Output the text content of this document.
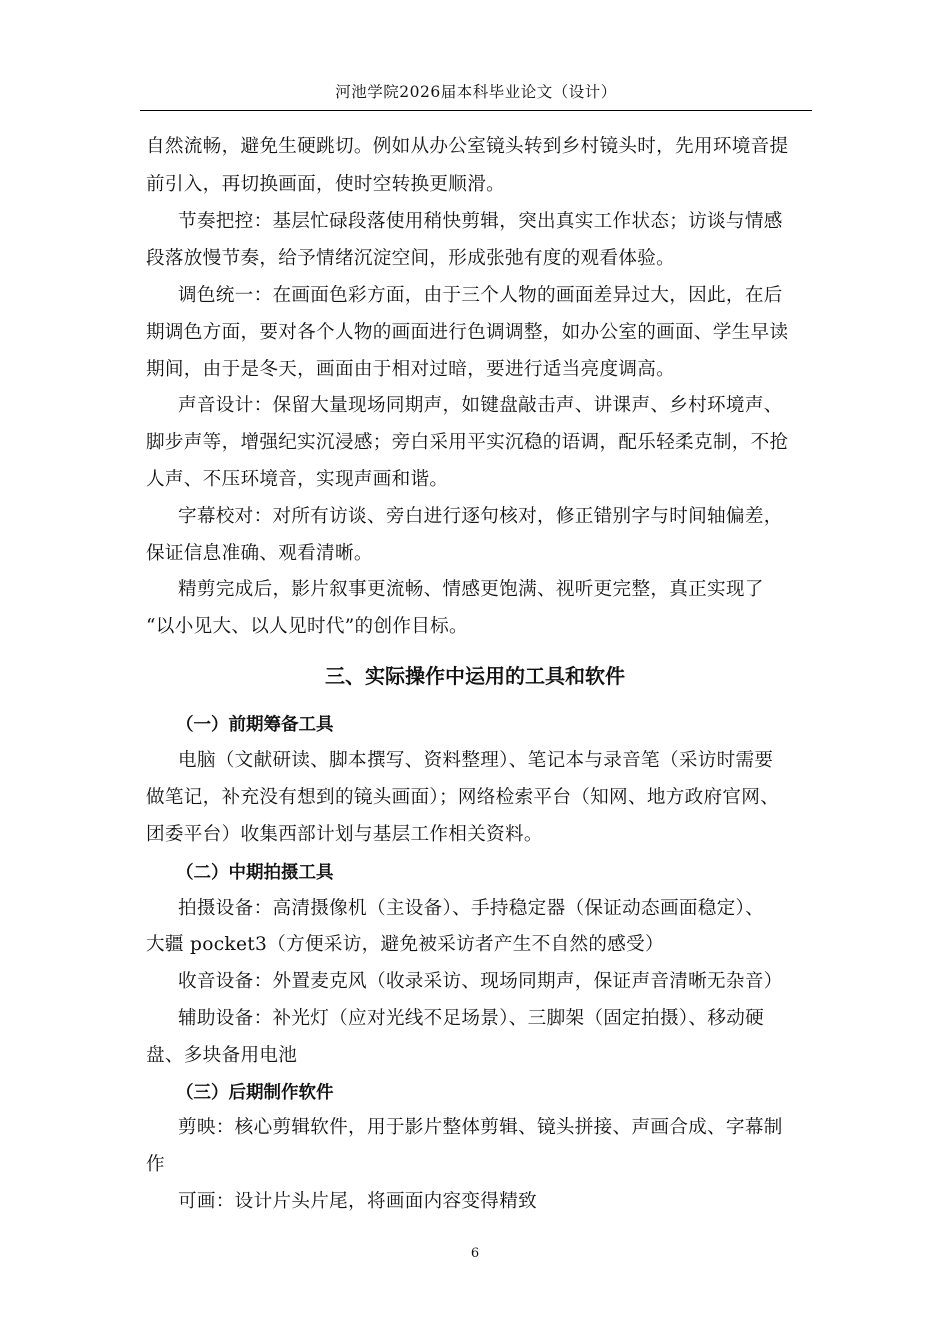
河池学院2026届本科毕业论文（设计）
自然流畅，避免生硬跳切。例如从办公室镜头转到乡村镜头时，先用环境音提
前引入，再切换画面，使时空转换更顺滑。
节奏把控：基层忙碌段落使用稍快剪辑，突出真实工作状态；访谈与情感
段落放慢节奏，给予情绪沉淀空间，形成张弛有度的观看体验。
调色统一：在画面色彩方面，由于三个人物的画面差异过大，因此，在后
期调色方面，要对各个人物的画面进行色调调整，如办公室的画面、学生早读
期间，由于是冬天，画面由于相对过暗，要进行适当亮度调高。
声音设计：保留大量现场同期声，如键盘敲击声、讲课声、乡村环境声、
脚步声等，增强纪实沉浸感；旁白采用平实沉稳的语调，配乐轻柔克制，不抢
人声、不压环境音，实现声画和谐。
字幕校对：对所有访谈、旁白进行逐句核对，修正错别字与时间轴偏差，
保证信息准确、观看清晰。
精剪完成后，影片叙事更流畅、情感更饱满、视听更完整，真正实现了
“以小见大、以人见时代”的创作目标。
三、实际操作中运用的工具和软件
（一）前期筹备工具
电脑（文献研读、脚本撰写、资料整理）、笔记本与录音笔（采访时需要
做笔记，补充没有想到的镜头画面）；网络检索平台（知网、地方政府官网、
团委平台）收集西部计划与基层工作相关资料。
（二）中期拍摄工具
拍摄设备：高清摄像机（主设备）、手持稳定器（保证动态画面稳定）、
大疆 pocket3（方便采访，避免被采访者产生不自然的感受）
收音设备：外置麦克风（收录采访、现场同期声，保证声音清晰无杂音）
辅助设备：补光灯（应对光线不足场景）、三脚架（固定拍摄）、移动硬
盘、多块备用电池
（三）后期制作软件
剪映：核心剪辑软件，用于影片整体剪辑、镜头拼接、声画合成、字幕制
作
可画：设计片头片尾，将画面内容变得精致
6
